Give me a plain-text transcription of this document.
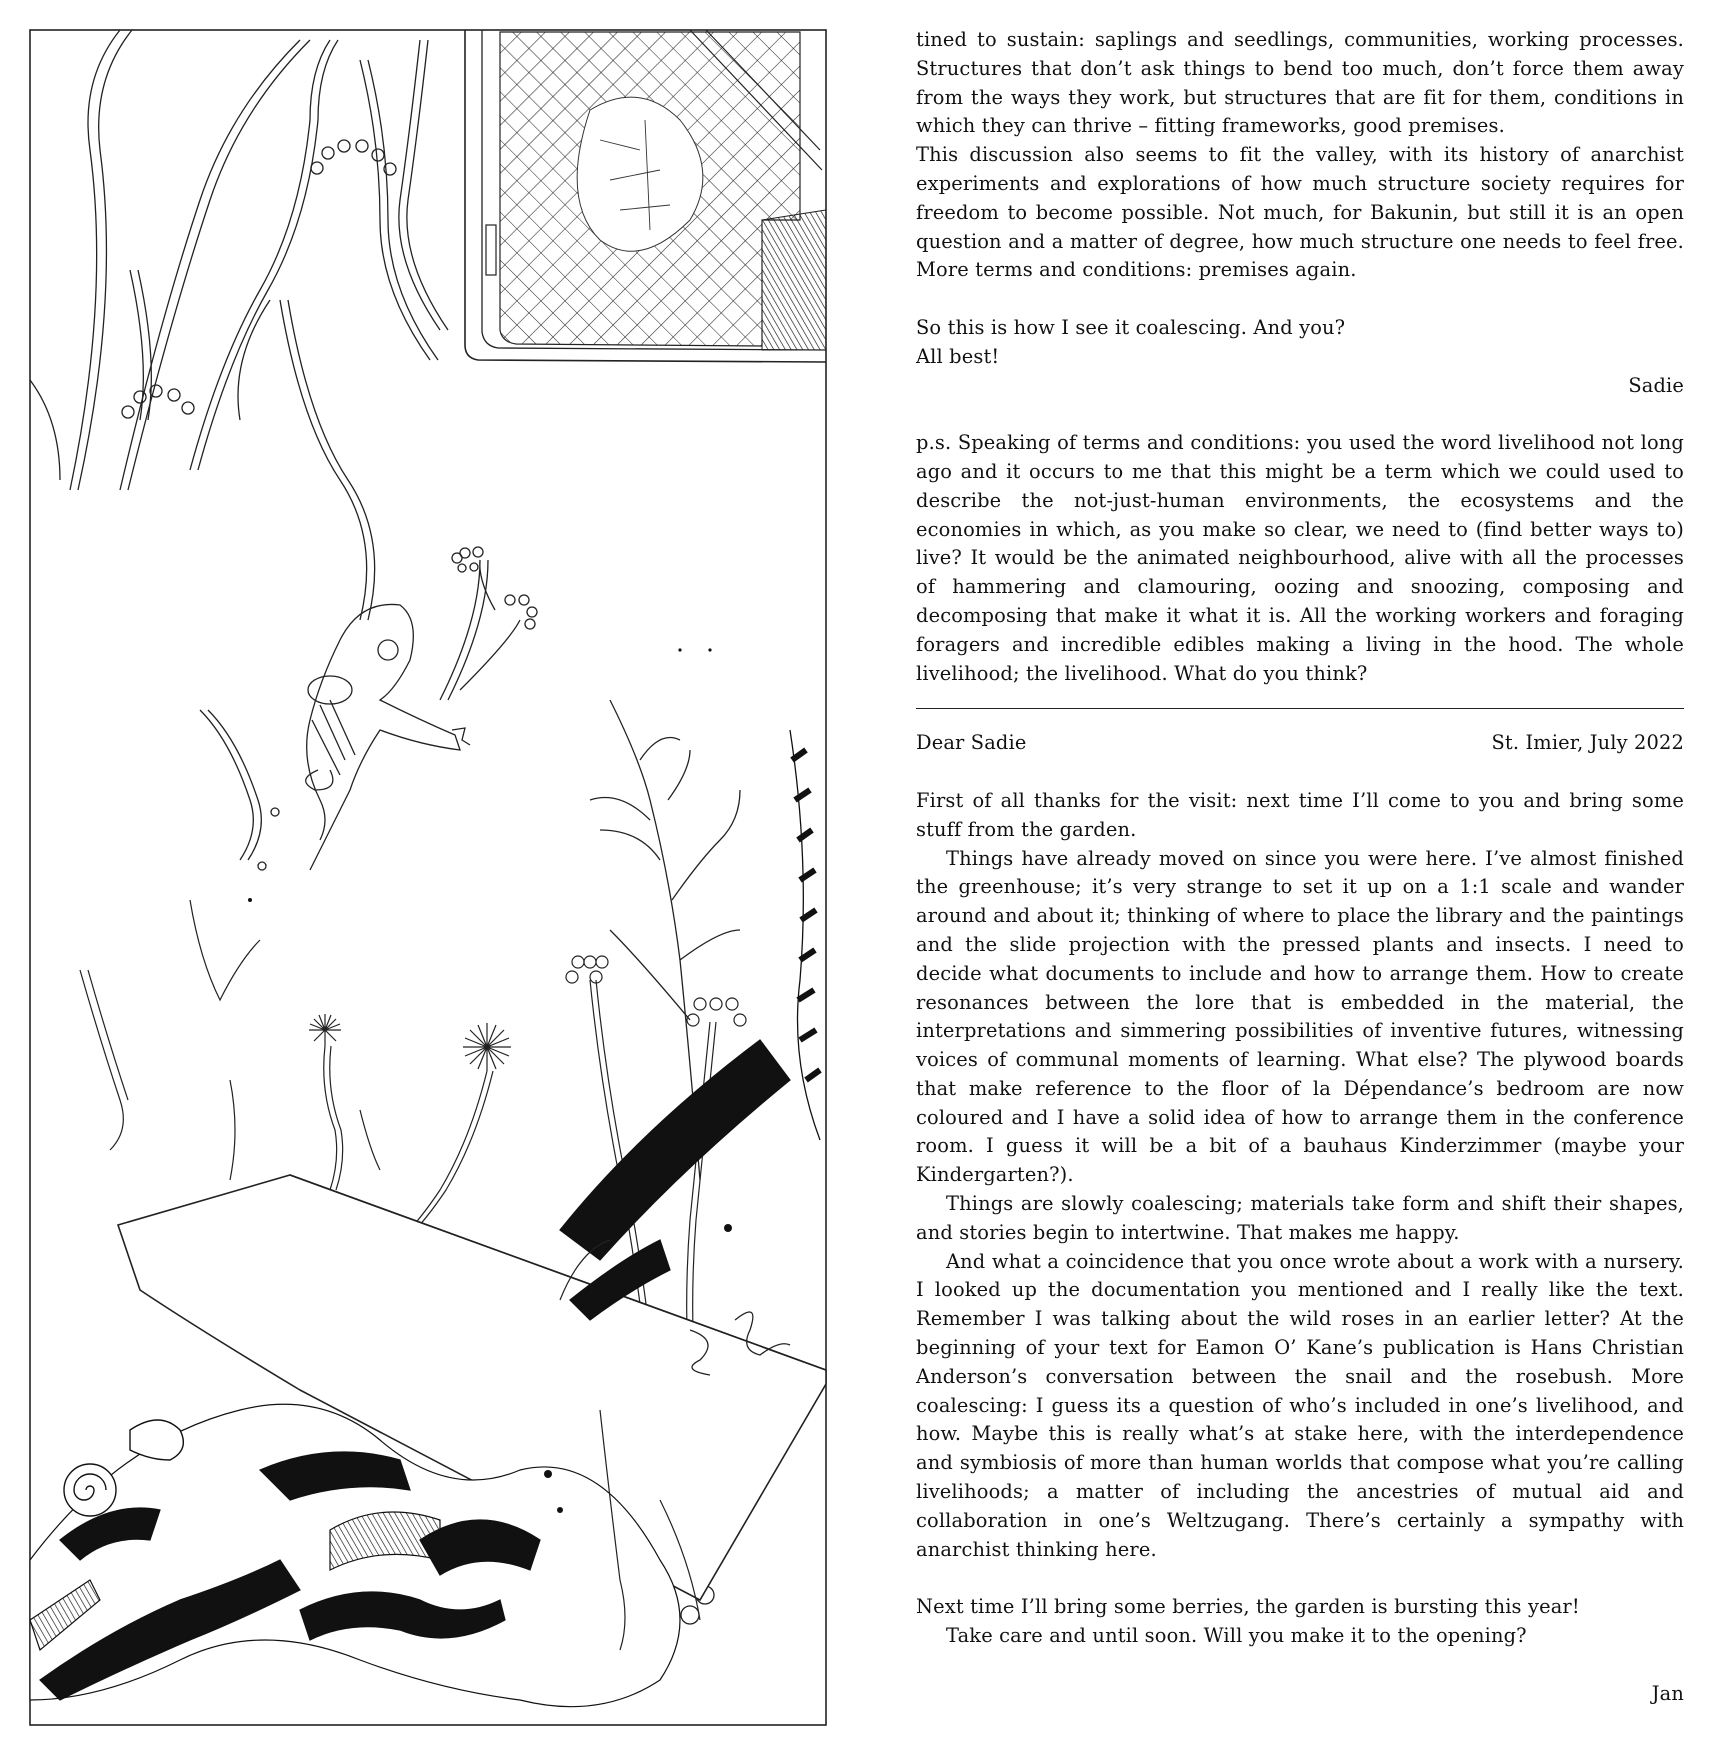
tined to sustain: saplings and seedlings, communities, working processes. Structures that don’t ask things to bend too much, don’t force them away from the ways they work, but structures that are fit for them, conditions in which they can thrive – fitting frameworks, good premises.

This discussion also seems to fit the valley, with its history of anarchist experiments and explorations of how much structure society requires for freedom to become possible. Not much, for Bakunin, but still it is an open question and a matter of degree, how much structure one needs to feel free. More terms and conditions: premises again.

So this is how I see it coalescing. And you?

All best!

Sadie

p.s. Speaking of terms and conditions: you used the word livelihood not long ago and it occurs to me that this might be a term which we could used to describe the not-just-human environments, the ecosystems and the economies in which, as you make so clear, we need to (find better ways to) live? It would be the animated neighbourhood, alive with all the processes of hammering and clamouring, oozing and snoozing, composing and decomposing that make it what it is. All the working workers and foraging foragers and incredible edibles making a living in the hood. The whole livelihood; the livelihood. What do you think?

Dear Sadie	St. Imier, July 2022

First of all thanks for the visit: next time I’ll come to you and bring some stuff from the garden.

Things have already moved on since you were here. I’ve almost finished the greenhouse; it’s very strange to set it up on a 1:1 scale and wander around and about it; thinking of where to place the library and the paintings and the slide projection with the pressed plants and insects. I need to decide what documents to include and how to arrange them. How to create resonances between the lore that is embedded in the material, the interpretations and simmering possibilities of inventive futures, witnessing voices of communal moments of learning. What else? The plywood boards that make reference to the floor of la Dépendance’s bedroom are now coloured and I have a solid idea of how to arrange them in the conference room. I guess it will be a bit of a bauhaus Kinderzimmer (maybe your Kindergarten?).

Things are slowly coalescing; materials take form and shift their shapes, and stories begin to intertwine. That makes me happy.

And what a coincidence that you once wrote about a work with a nursery. I looked up the documentation you mentioned and I really like the text. Remember I was talking about the wild roses in an earlier letter? At the beginning of your text for Eamon O’ Kane’s publication is Hans Christian Anderson’s conversation between the snail and the rosebush. More coalescing: I guess its a question of who’s included in one’s livelihood, and how. Maybe this is really what’s at stake here, with the interdependence and symbiosis of more than human worlds that compose what you’re calling livelihoods; a matter of including the ancestries of mutual aid and collaboration in one’s Weltzugang. There’s certainly a sympathy with anarchist thinking here.

Next time I’ll bring some berries, the garden is bursting this year!

Take care and until soon. Will you make it to the opening?

Jan
